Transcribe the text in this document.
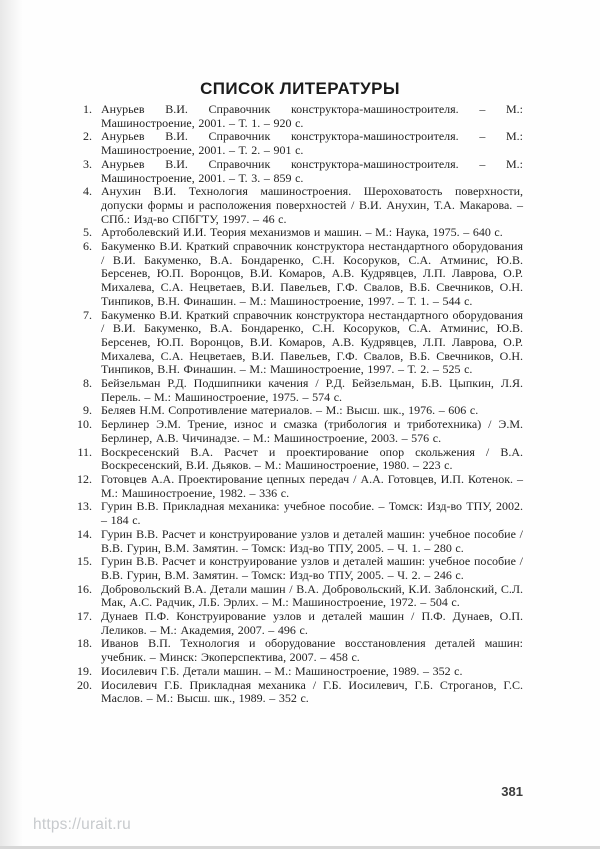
СПИСОК ЛИТЕРАТУРЫ
1. Анурьев В.И. Справочник конструктора-машиностроителя. – М.: Машиностроение, 2001. – Т. 1. – 920 с.
2. Анурьев В.И. Справочник конструктора-машиностроителя. – М.: Машиностроение, 2001. – Т. 2. – 901 с.
3. Анурьев В.И. Справочник конструктора-машиностроителя. – М.: Машиностроение, 2001. – Т. 3. – 859 с.
4. Анухин В.И. Технология машиностроения. Шероховатость поверхности, допуски формы и расположения поверхностей / В.И. Анухин, Т.А. Макарова. – СПб.: Изд-во СПбГТУ, 1997. – 46 с.
5. Артоболевский И.И. Теория механизмов и машин. – М.: Наука, 1975. – 640 с.
6. Бакуменко В.И. Краткий справочник конструктора нестандартного оборудования / В.И. Бакуменко, В.А. Бондаренко, С.Н. Косоруков, С.А. Атминис, Ю.В. Берсенев, Ю.П. Воронцов, В.И. Комаров, А.В. Кудрявцев, Л.П. Лаврова, О.Р. Михалева, С.А. Нецветаев, В.И. Павельев, Г.Ф. Свалов, В.Б. Свечников, О.Н. Тинпиков, В.Н. Финашин. – М.: Машиностроение, 1997. – Т. 1. – 544 с.
7. Бакуменко В.И. Краткий справочник конструктора нестандартного оборудования / В.И. Бакуменко, В.А. Бондаренко, С.Н. Косоруков, С.А. Атминис, Ю.В. Берсенев, Ю.П. Воронцов, В.И. Комаров, А.В. Кудрявцев, Л.П. Лаврова, О.Р. Михалева, С.А. Нецветаев, В.И. Павельев, Г.Ф. Свалов, В.Б. Свечников, О.Н. Тинпиков, В.Н. Финашин. – М.: Машиностроение, 1997. – Т. 2. – 525 с.
8. Бейзельман Р.Д. Подшипники качения / Р.Д. Бейзельман, Б.В. Цыпкин, Л.Я. Перель. – М.: Машиностроение, 1975. – 574 с.
9. Беляев Н.М. Сопротивление материалов. – М.: Высш. шк., 1976. – 606 с.
10. Берлинер Э.М. Трение, износ и смазка (трибология и триботехника) / Э.М. Берлинер, А.В. Чичинадзе. – М.: Машиностроение, 2003. – 576 с.
11. Воскресенский В.А. Расчет и проектирование опор скольжения / В.А. Воскресенский, В.И. Дьяков. – М.: Машиностроение, 1980. – 223 с.
12. Готовцев А.А. Проектирование цепных передач / А.А. Готовцев, И.П. Котенок. – М.: Машиностроение, 1982. – 336 с.
13. Гурин В.В. Прикладная механика: учебное пособие. – Томск: Изд-во ТПУ, 2002. – 184 с.
14. Гурин В.В. Расчет и конструирование узлов и деталей машин: учебное пособие / В.В. Гурин, В.М. Замятин. – Томск: Изд-во ТПУ, 2005. – Ч. 1. – 280 с.
15. Гурин В.В. Расчет и конструирование узлов и деталей машин: учебное пособие / В.В. Гурин, В.М. Замятин. – Томск: Изд-во ТПУ, 2005. – Ч. 2. – 246 с.
16. Добровольский В.А. Детали машин / В.А. Добровольский, К.И. Заблонский, С.Л. Мак, А.С. Радчик, Л.Б. Эрлих. – М.: Машиностроение, 1972. – 504 с.
17. Дунаев П.Ф. Конструирование узлов и деталей машин / П.Ф. Дунаев, О.П. Леликов. – М.: Академия, 2007. – 496 с.
18. Иванов В.П. Технология и оборудование восстановления деталей машин: учебник. – Минск: Экоперспектива, 2007. – 458 с.
19. Иосилевич Г.Б. Детали машин. – М.: Машиностроение, 1989. – 352 с.
20. Иосилевич Г.Б. Прикладная механика / Г.Б. Иосилевич, Г.Б. Строганов, Г.С. Маслов. – М.: Высш. шк., 1989. – 352 с.
381
https://urait.ru
